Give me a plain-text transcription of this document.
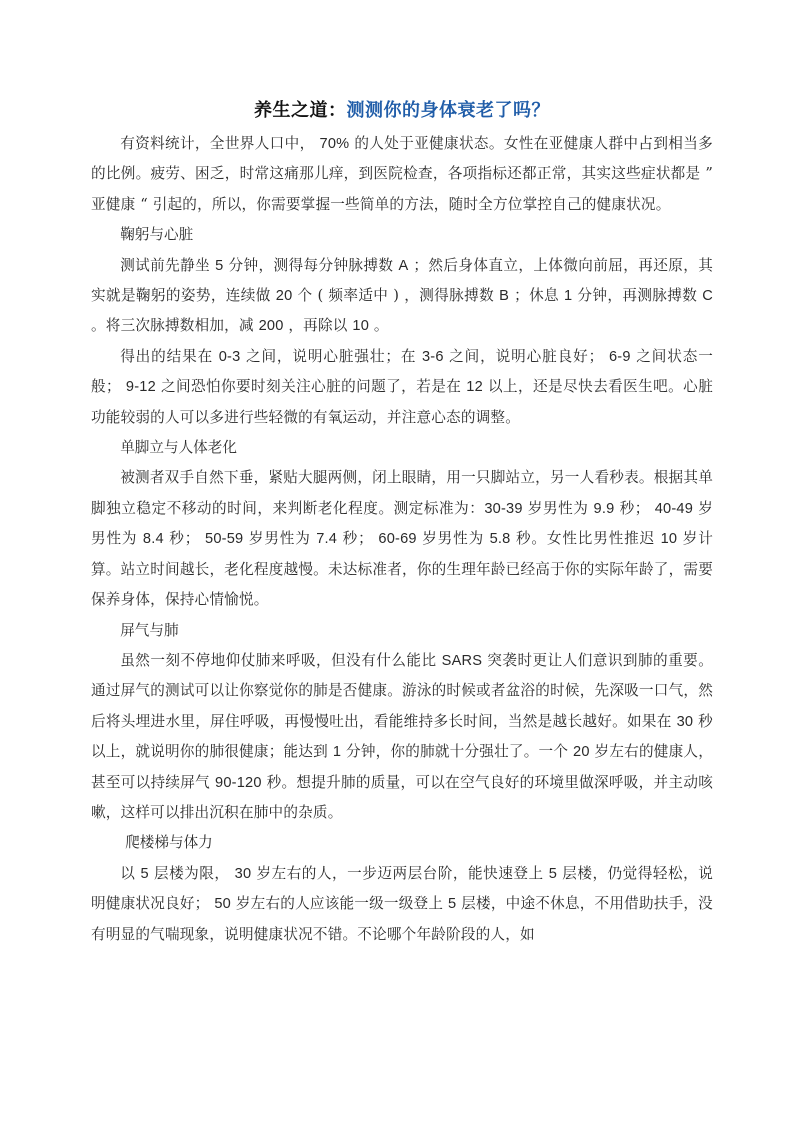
养生之道：测测你的身体衰老了吗？

有资料统计，全世界人口中， 70% 的人处于亚健康状态。女性在亚健康人群中占到相当多的比例。疲劳、困乏，时常这痛那儿痒，到医院检查，各项指标还都正常，其实这些症状都是 ” 亚健康 “ 引起的，所以，你需要掌握一些简单的方法，随时全方位掌控自己的健康状况。

鞠躬与心脏

测试前先静坐 5 分钟，测得每分钟脉搏数 A ；然后身体直立，上体微向前屈，再还原，其实就是鞠躬的姿势，连续做 20 个 ( 频率适中 ) ，测得脉搏数 B ；休息 1 分钟，再测脉搏数 C 。将三次脉搏数相加，减 200 ，再除以 10 。

得出的结果在 0-3 之间，说明心脏强壮；在 3-6 之间，说明心脏良好； 6-9 之间状态一般； 9-12 之间恐怕你要时刻关注心脏的问题了，若是在 12 以上，还是尽快去看医生吧。心脏功能较弱的人可以多进行些轻微的有氧运动，并注意心态的调整。

单脚立与人体老化

被测者双手自然下垂，紧贴大腿两侧，闭上眼睛，用一只脚站立，另一人看秒表。根据其单脚独立稳定不移动的时间，来判断老化程度。测定标准为：30-39 岁男性为 9.9 秒； 40-49 岁男性为 8.4 秒； 50-59 岁男性为 7.4 秒； 60-69 岁男性为 5.8 秒。女性比男性推迟 10 岁计算。站立时间越长，老化程度越慢。未达标准者，你的生理年龄已经高于你的实际年龄了，需要保养身体，保持心情愉悦。

屏气与肺

虽然一刻不停地仰仗肺来呼吸，但没有什么能比 SARS 突袭时更让人们意识到肺的重要。通过屏气的测试可以让你察觉你的肺是否健康。游泳的时候或者盆浴的时候，先深吸一口气，然后将头埋进水里，屏住呼吸，再慢慢吐出，看能维持多长时间，当然是越长越好。如果在 30 秒以上，就说明你的肺很健康；能达到 1 分钟，你的肺就十分强壮了。一个 20 岁左右的健康人，甚至可以持续屏气 90-120 秒。想提升肺的质量，可以在空气良好的环境里做深呼吸，并主动咳嗽，这样可以排出沉积在肺中的杂质。

爬楼梯与体力

以 5 层楼为限， 30 岁左右的人，一步迈两层台阶，能快速登上 5 层楼，仍觉得轻松，说明健康状况良好； 50 岁左右的人应该能一级一级登上 5 层楼，中途不休息，不用借助扶手，没有明显的气喘现象，说明健康状况不错。不论哪个年龄阶段的人，如
